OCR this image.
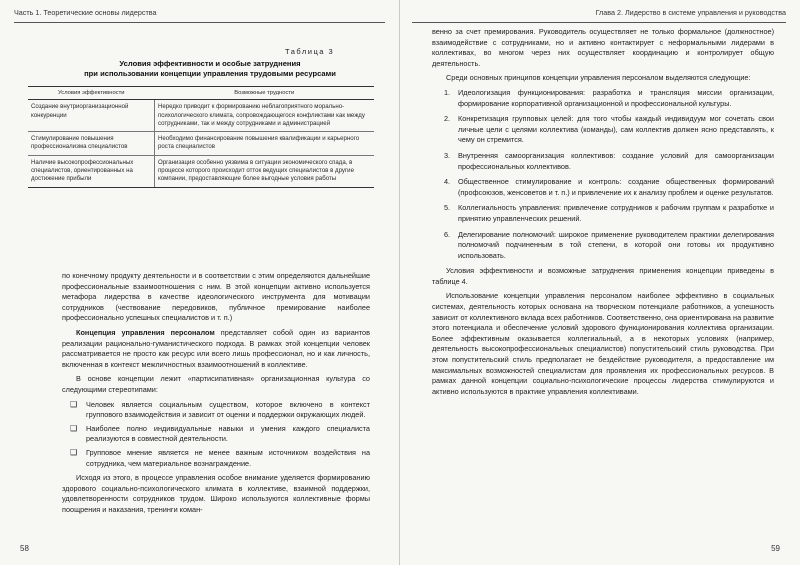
Часть 1. Теоретические основы лидерства
Таблица 3
Условия эффективности и особые затруднения
при использовании концепции управления трудовыми ресурсами
Условия эффективности	Возможные трудности
Создание внутриорганизационной конкуренции	Нередко приводит к формированию неблагоприятного морально-психологического климата, сопровождающегося конфликтами как между сотрудниками, так и между сотрудниками и администрацией
Стимулирование повышения профессионализма специалистов	Необходимо финансирование повышения квалификации и карьерного роста специалистов
Наличие высокопрофессиональных специалистов, ориентированных на достижение прибыли	Организация особенно уязвима в ситуации экономического спада, в процессе которого происходит отток ведущих специалистов в другие компании, предоставляющие более выгодные условия работы

по конечному продукту деятельности и в соответствии с этим определяются дальнейшие профессиональные взаимоотношения с ним. В этой концепции активно используется метафора лидерства в качестве идеологического инструмента для мотивации сотрудников (чествование передовиков, публичное премирование наиболее профессионально успешных специалистов и т. п.)

Концепция управления персоналом представляет собой один из вариантов реализации рационально-гуманистического подхода. В рамках этой концепции человек рассматривается не просто как ресурс или всего лишь профессионал, но и как личность, включенная в контекст межличностных взаимоотношений в коллективе.

В основе концепции лежит «партисипативная» организационная культура со следующими стереотипами:

❑ Человек является социальным существом, которое включено в контекст группового взаимодействия и зависит от оценки и поддержки окружающих людей.
❑ Наиболее полно индивидуальные навыки и умения каждого специалиста реализуются в совместной деятельности.
❑ Групповое мнение является не менее важным источником воздействия на сотрудника, чем материальное вознаграждение.

Исходя из этого, в процессе управления особое внимание уделяется формированию здорового социально-психологического климата в коллективе, взаимной поддержки, удовлетворенности сотрудников трудом. Широко используются коллективные формы поощрения и наказания, тренинги коман-

58
Глава 2. Лидерство в системе управления и руководства

венно за счет премирования. Руководитель осуществляет не только формальное (должностное) взаимодействие с сотрудниками, но и активно контактирует с неформальными лидерами в коллективах, во многом через них осуществляет координацию и контролирует общую деятельность.

Среди основных принципов концепции управления персоналом выделяются следующие:

1. Идеологизация функционирования: разработка и трансляция миссии организации, формирование корпоративной организационной и профессиональной культуры.
2. Конкретизация групповых целей: для того чтобы каждый индивидуум мог сочетать свои личные цели с целями коллектива (команды), сам коллектив должен ясно представлять, к чему он стремится.
3. Внутренняя самоорганизация коллективов: создание условий для самоорганизации профессиональных коллективов.
4. Общественное стимулирование и контроль: создание общественных формирований (профсоюзов, женсоветов и т. п.) и привлечение их к анализу проблем и оценке результатов.
5. Коллегиальность управления: привлечение сотрудников к рабочим группам к разработке и принятию управленческих решений.
6. Делегирование полномочий: широкое применение руководителем практики делегирования полномочий подчиненным в той степени, в которой они готовы их продуктивно использовать.

Условия эффективности и возможные затруднения применения концепции приведены в таблице 4.

Использование концепции управления персоналом наиболее эффективно в социальных системах, деятельность которых основана на творческом потенциале работников, а успешность зависит от коллективного вклада всех работников. Соответственно, она ориентирована на развитие этого потенциала и обеспечение условий здорового функционирования коллектива организации. Более эффективным оказывается коллегиальный, а в некоторых условиях (например, деятельность высокопрофессиональных специалистов) попустительский стиль руководства. При этом попустительский стиль предполагает не бездействие руководителя, а предоставление им максимальных возможностей специалистам для проявления их профессиональных ресурсов. В рамках данной концепции социально-психологические процессы лидерства стимулируются и активно используются в практике управления коллективами.

59
